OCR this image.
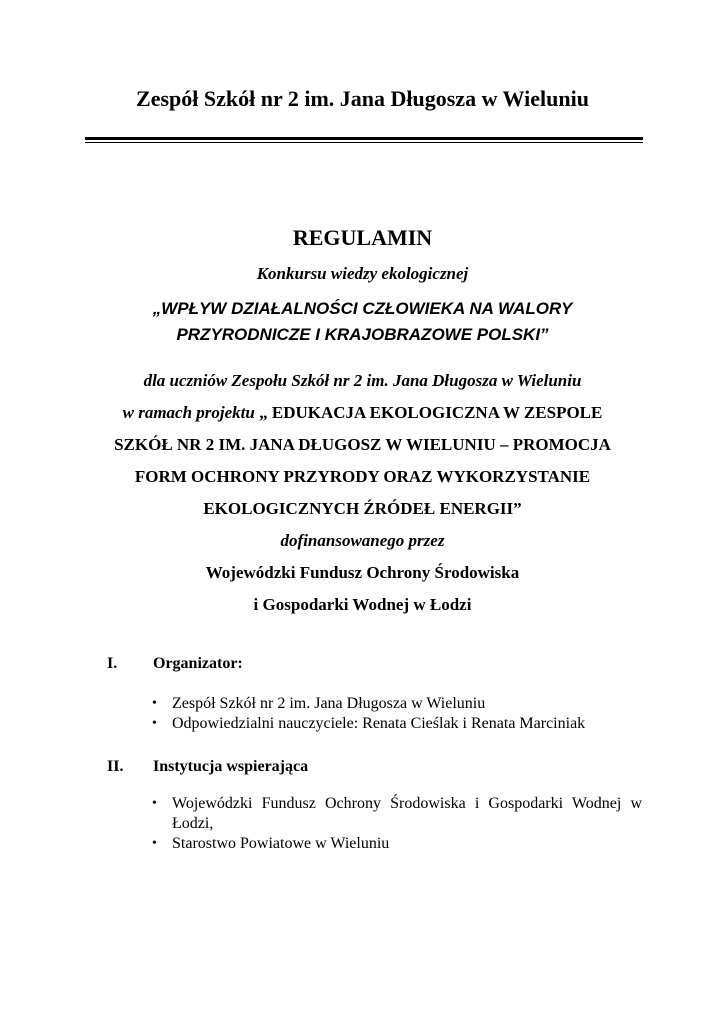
Zespół Szkół nr 2 im. Jana Długosza w Wieluniu
REGULAMIN
Konkursu wiedzy ekologicznej
„WPŁYW DZIAŁALNOŚCI CZŁOWIEKA NA WALORY
PRZYRODNICZE I KRAJOBRAZOWE POLSKI”
dla uczniów Zespołu Szkół nr 2 im. Jana Długosza w Wieluniu
w ramach projektu „ EDUKACJA EKOLOGICZNA W ZESPOLE
SZKÓŁ NR 2 IM. JANA DŁUGOSZ W WIELUNIU – PROMOCJA
FORM OCHRONY PRZYRODY ORAZ WYKORZYSTANIE
EKOLOGICZNYCH ŹRÓDEŁ ENERGII”
dofinansowanego przez
Wojewódzki Fundusz Ochrony Środowiska
i Gospodarki Wodnej w Łodzi
I. Organizator:
• Zespół Szkół nr 2 im. Jana Długosza w Wieluniu
• Odpowiedzialni nauczyciele: Renata Cieślak i Renata Marciniak
II. Instytucja wspierająca
• Wojewódzki Fundusz Ochrony Środowiska i Gospodarki Wodnej w Łodzi,
• Starostwo Powiatowe w Wieluniu
